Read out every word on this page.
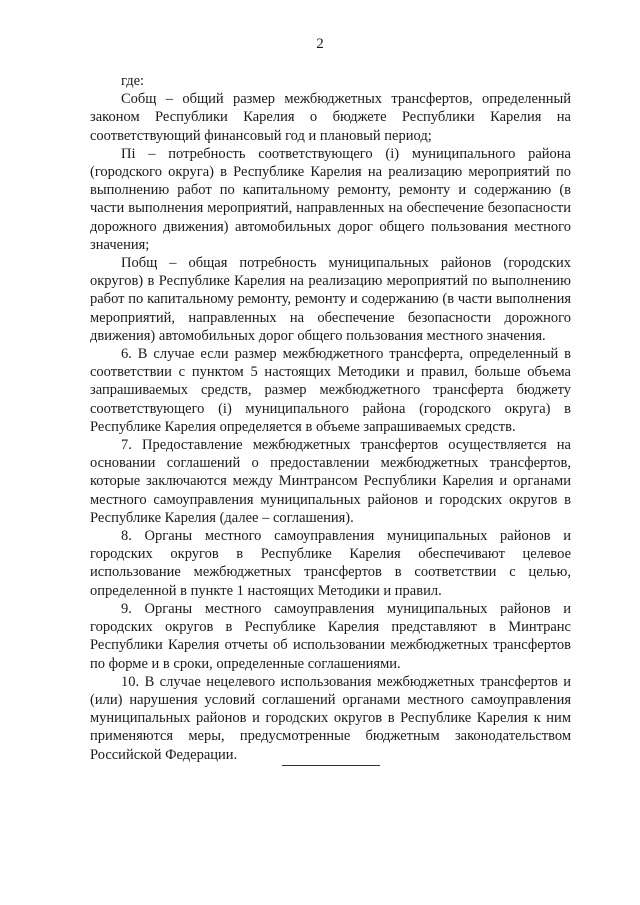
2

где:

Собщ – общий размер межбюджетных трансфертов, определенный законом Республики Карелия о бюджете Республики Карелия на соответствующий финансовый год и плановый период;

Пi – потребность соответствующего (i) муниципального района (городского округа) в Республике Карелия на реализацию мероприятий по выполнению работ по капитальному ремонту, ремонту и содержанию (в части выполнения мероприятий, направленных на обеспечение безопасности дорожного движения) автомобильных дорог общего пользования местного значения;

Побщ – общая потребность муниципальных районов (городских округов) в Республике Карелия на реализацию мероприятий по выполнению работ по капитальному ремонту, ремонту и содержанию (в части выполнения мероприятий, направленных на обеспечение безопасности дорожного движения) автомобильных дорог общего пользования местного значения.

6. В случае если размер межбюджетного трансферта, определенный в соответствии с пунктом 5 настоящих Методики и правил, больше объема запрашиваемых средств, размер межбюджетного трансферта бюджету соответствующего (i) муниципального района (городского округа) в Республике Карелия определяется в объеме запрашиваемых средств.

7. Предоставление межбюджетных трансфертов осуществляется на основании соглашений о предоставлении межбюджетных трансфертов, которые заключаются между Минтрансом Республики Карелия и органами местного самоуправления муниципальных районов и городских округов в Республике Карелия (далее – соглашения).

8. Органы местного самоуправления муниципальных районов и городских округов в Республике Карелия обеспечивают целевое использование межбюджетных трансфертов в соответствии с целью, определенной в пункте 1 настоящих Методики и правил.

9. Органы местного самоуправления муниципальных районов и городских округов в Республике Карелия представляют в Минтранс Республики Карелия отчеты об использовании межбюджетных трансфертов по форме и в сроки, определенные соглашениями.

10. В случае нецелевого использования межбюджетных трансфертов и (или) нарушения условий соглашений органами местного самоуправления муниципальных районов и городских округов в Республике Карелия к ним применяются меры, предусмотренные бюджетным законодательством Российской Федерации.
